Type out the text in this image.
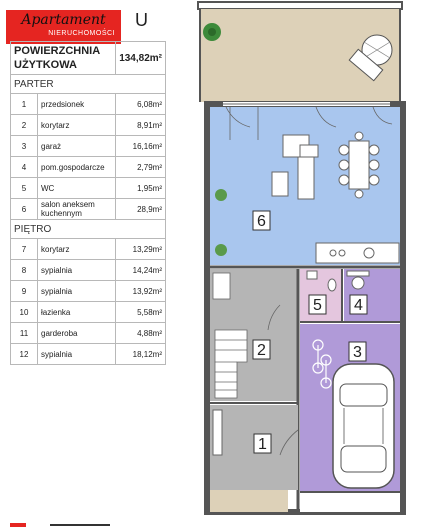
Apartament
NIERUCHOMOŚCI
U
POWIERZCHNIA
UŻYTKOWA		134,82m²
PARTER		
1	przedsionek	6,08m²
2	korytarz	8,91m²
3	garaż	16,16m²
4	pom.gospodarcze	2,79m²
5	WC	1,95m²
6	salon aneksem kuchennym	28,9m²
PIĘTRO		
7	korytarz	13,29m²
8	sypialnia	14,24m²
9	sypialnia	13,92m²
10	łazienka	5,58m²
11	garderoba	4,88m²
12	sypialnia	18,12m²
6
2
5 4
3
1
